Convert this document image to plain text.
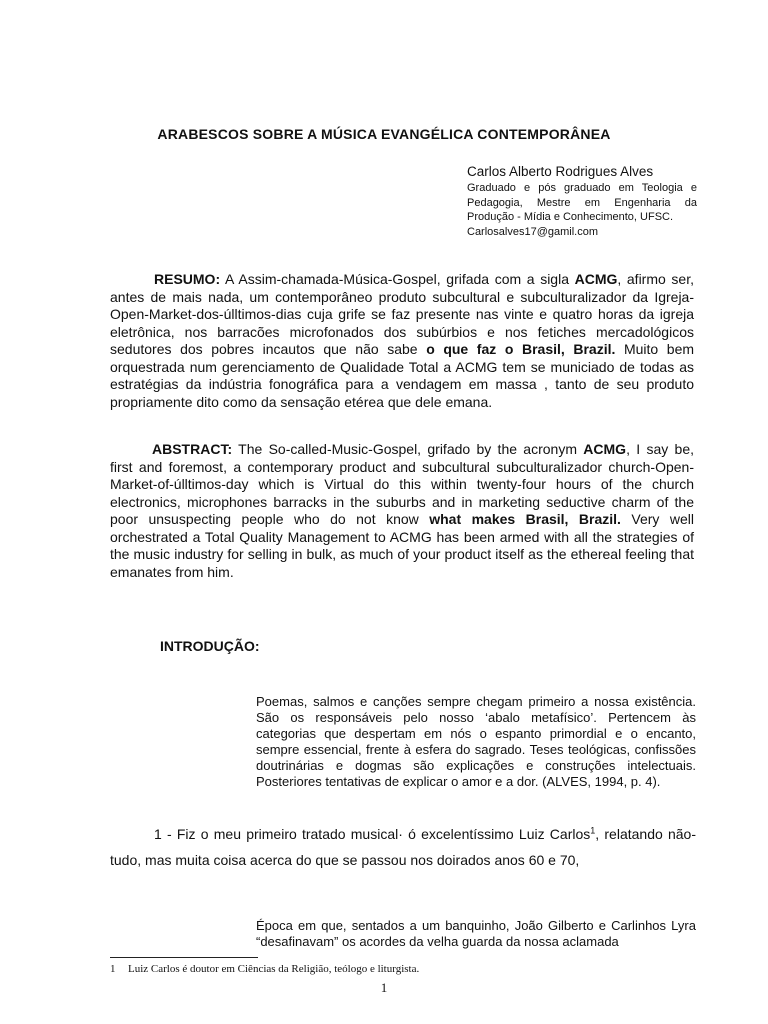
ARABESCOS SOBRE A MÚSICA EVANGÉLICA CONTEMPORÂNEA
Carlos Alberto Rodrigues Alves
Graduado e pós graduado em Teologia e Pedagogia, Mestre em Engenharia da Produção - Mídia e Conhecimento, UFSC.
Carlosalves17@gamil.com
RESUMO: A Assim-chamada-Música-Gospel, grifada com a sigla ACMG, afirmo ser, antes de mais nada, um contemporâneo produto subcultural e subculturalizador da Igreja-Open-Market-dos-úlltimos-dias cuja grife se faz presente nas vinte e quatro horas da igreja eletrônica, nos barracões microfonados dos subúrbios e nos fetiches mercadológicos sedutores dos pobres incautos que não sabe o que faz o Brasil, Brazil. Muito bem orquestrada num gerenciamento de Qualidade Total a ACMG tem se municiado de todas as estratégias da indústria fonográfica para a vendagem em massa , tanto de seu produto propriamente dito como da sensação etérea que dele emana.
ABSTRACT: The So-called-Music-Gospel, grifado by the acronym ACMG, I say be, first and foremost, a contemporary product and subcultural subculturalizador church-Open-Market-of-úlltimos-day which is Virtual do this within twenty-four hours of the church electronics, microphones barracks in the suburbs and in marketing seductive charm of the poor unsuspecting people who do not know what makes Brasil, Brazil. Very well orchestrated a Total Quality Management to ACMG has been armed with all the strategies of the music industry for selling in bulk, as much of your product itself as the ethereal feeling that emanates from him.
INTRODUÇÃO:
Poemas, salmos e canções sempre chegam primeiro a nossa existência. São os responsáveis pelo nosso ‘abalo metafísico’. Pertencem às categorias que despertam em nós o espanto primordial e o encanto, sempre essencial, frente à esfera do sagrado. Teses teológicas, confissões doutrinárias e dogmas são explicações e construções intelectuais. Posteriores tentativas de explicar o amor e a dor. (ALVES, 1994, p. 4).
1 - Fiz o meu primeiro tratado musical· ó excelentíssimo Luiz Carlos$^1$, relatando não-tudo, mas muita coisa acerca do que se passou nos doirados anos 60 e 70,
Época em que, sentados a um banquinho, João Gilberto e Carlinhos Lyra “desafinavam” os acordes da velha guarda da nossa aclamada
1 Luiz Carlos é doutor em Ciências da Religião, teólogo e liturgista.
1
